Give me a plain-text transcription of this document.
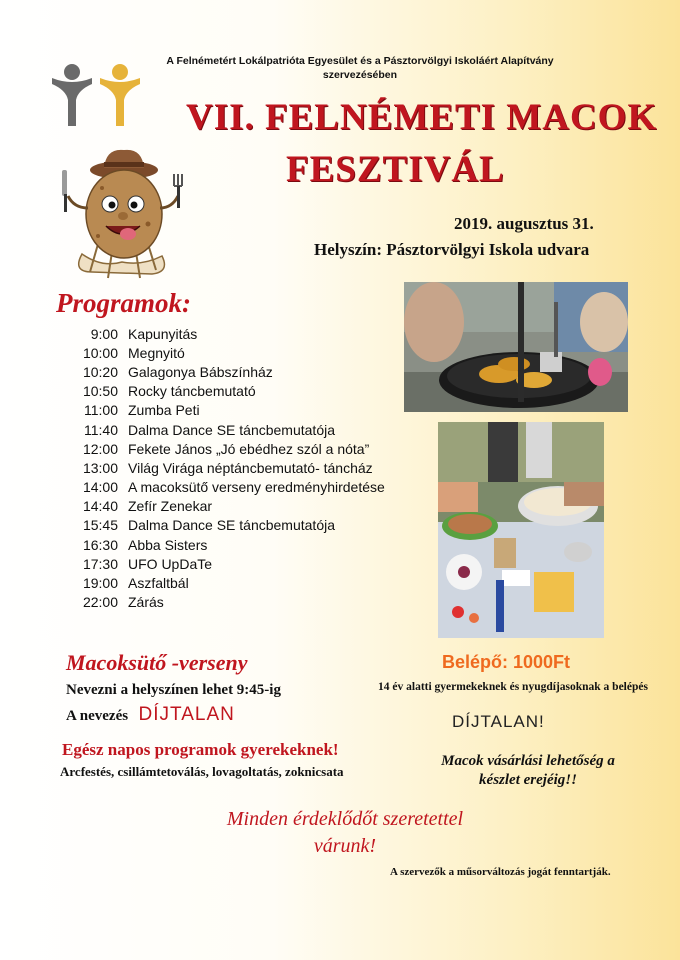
A Felnémetért Lokálpatrióta Egyesület és a Pásztorvölgyi Iskoláért Alapítvány
szervezésében
VII. FELNÉMETI MACOK
FESZTIVÁL
2019. augusztus 31.
Helyszín: Pásztorvölgyi Iskola udvara
Programok:
9:00 Kapunyitás
10:00 Megnyitó
10:20 Galagonya Bábszínház
10:50 Rocky táncbemutató
11:00 Zumba Peti
11:40 Dalma Dance SE táncbemutatója
12:00 Fekete János „Jó ebédhez szól a nóta”
13:00 Világ Virága néptáncbemutató- táncház
14:00 A macoksütő verseny eredményhirdetése
14:40 Zefír Zenekar
15:45 Dalma Dance SE táncbemutatója
16:30 Abba Sisters
17:30 UFO UpDaTe
19:00 Aszfaltbál
22:00 Zárás
Macoksütő -verseny
Nevezni a helyszínen lehet 9:45-ig
A nevezés DÍJTALAN
Belépő: 1000Ft
14 év alatti gyermekeknek és nyugdíjasoknak a belépés
DÍJTALAN!
Egész napos programok gyerekeknek!
Arcfestés, csillámtetoválás, lovagoltatás, zoknicsata
Macok vásárlási lehetőség a
készlet erejéig!!
Minden érdeklődőt szeretettel
várunk!
A szervezők a műsorváltozás jogát fenntartják.
